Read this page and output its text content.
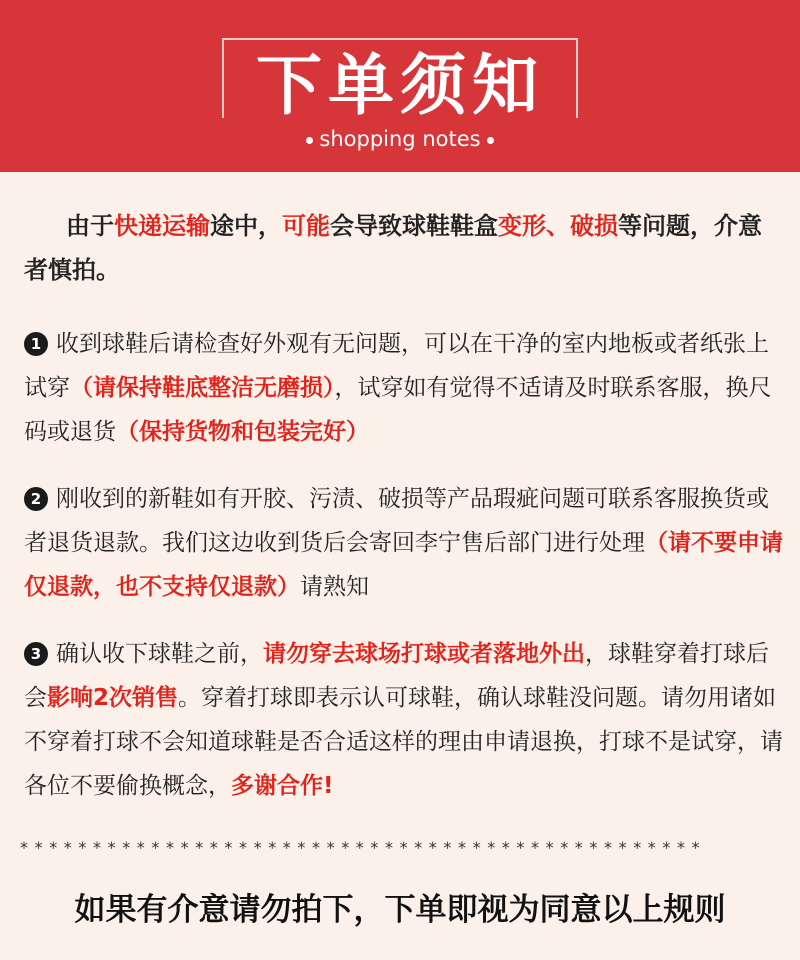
下单须知
shopping notes
由于快递运输途中，可能会导致球鞋鞋盒变形、破损等问题，介意者慎拍。
1 收到球鞋后请检查好外观有无问题，可以在干净的室内地板或者纸张上试穿（请保持鞋底整洁无磨损），试穿如有觉得不适请及时联系客服，换尺码或退货（保持货物和包装完好）
2 刚收到的新鞋如有开胶、污渍、破损等产品瑕疵问题可联系客服换货或者退货退款。我们这边收到货后会寄回李宁售后部门进行处理（请不要申请仅退款，也不支持仅退款）请熟知
3 确认收下球鞋之前，请勿穿去球场打球或者落地外出，球鞋穿着打球后会影响2次销售。穿着打球即表示认可球鞋，确认球鞋没问题。请勿用诸如不穿着打球不会知道球鞋是否合适这样的理由申请退换，打球不是试穿，请各位不要偷换概念，多谢合作!
***********************************************
如果有介意请勿拍下，下单即视为同意以上规则
